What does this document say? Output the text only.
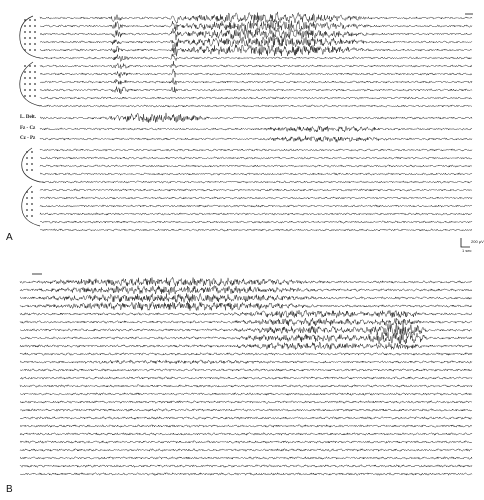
L. Delt.
Fz - Cz
Cz - Pz
200 µV
1 sec
A
B
